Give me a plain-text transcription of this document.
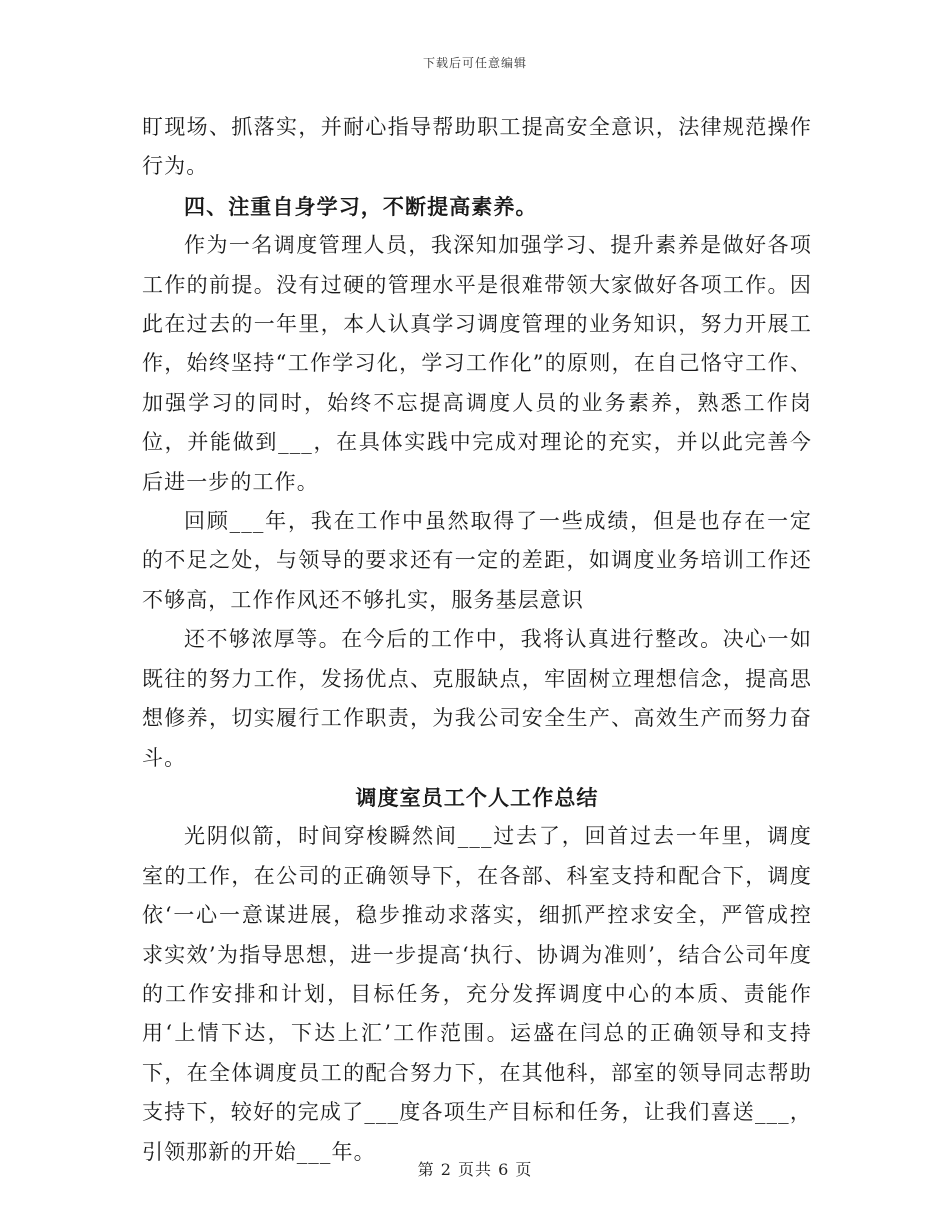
下载后可任意编辑

盯现场、抓落实，并耐心指导帮助职工提高安全意识，法律规范操作行为。

四、注重自身学习，不断提高素养。

作为一名调度管理人员，我深知加强学习、提升素养是做好各项工作的前提。没有过硬的管理水平是很难带领大家做好各项工作。因此在过去的一年里，本人认真学习调度管理的业务知识，努力开展工作，始终坚持“工作学习化，学习工作化”的原则，在自己恪守工作、加强学习的同时，始终不忘提高调度人员的业务素养，熟悉工作岗位，并能做到___，在具体实践中完成对理论的充实，并以此完善今后进一步的工作。

回顾___年，我在工作中虽然取得了一些成绩，但是也存在一定的不足之处，与领导的要求还有一定的差距，如调度业务培训工作还不够高，工作作风还不够扎实，服务基层意识

还不够浓厚等。在今后的工作中，我将认真进行整改。决心一如既往的努力工作，发扬优点、克服缺点，牢固树立理想信念，提高思想修养，切实履行工作职责，为我公司安全生产、高效生产而努力奋斗。

调度室员工个人工作总结

光阴似箭，时间穿梭瞬然间___过去了，回首过去一年里，调度室的工作，在公司的正确领导下，在各部、科室支持和配合下，调度依‘一心一意谋进展，稳步推动求落实，细抓严控求安全，严管成控求实效’为指导思想，进一步提高‘执行、协调为准则’，结合公司年度的工作安排和计划，目标任务，充分发挥调度中心的本质、责能作用‘上情下达，下达上汇’工作范围。运盛在闫总的正确领导和支持下，在全体调度员工的配合努力下，在其他科，部室的领导同志帮助支持下，较好的完成了___度各项生产目标和任务，让我们喜送___，引领那新的开始___年。

第 2 页共 6 页
